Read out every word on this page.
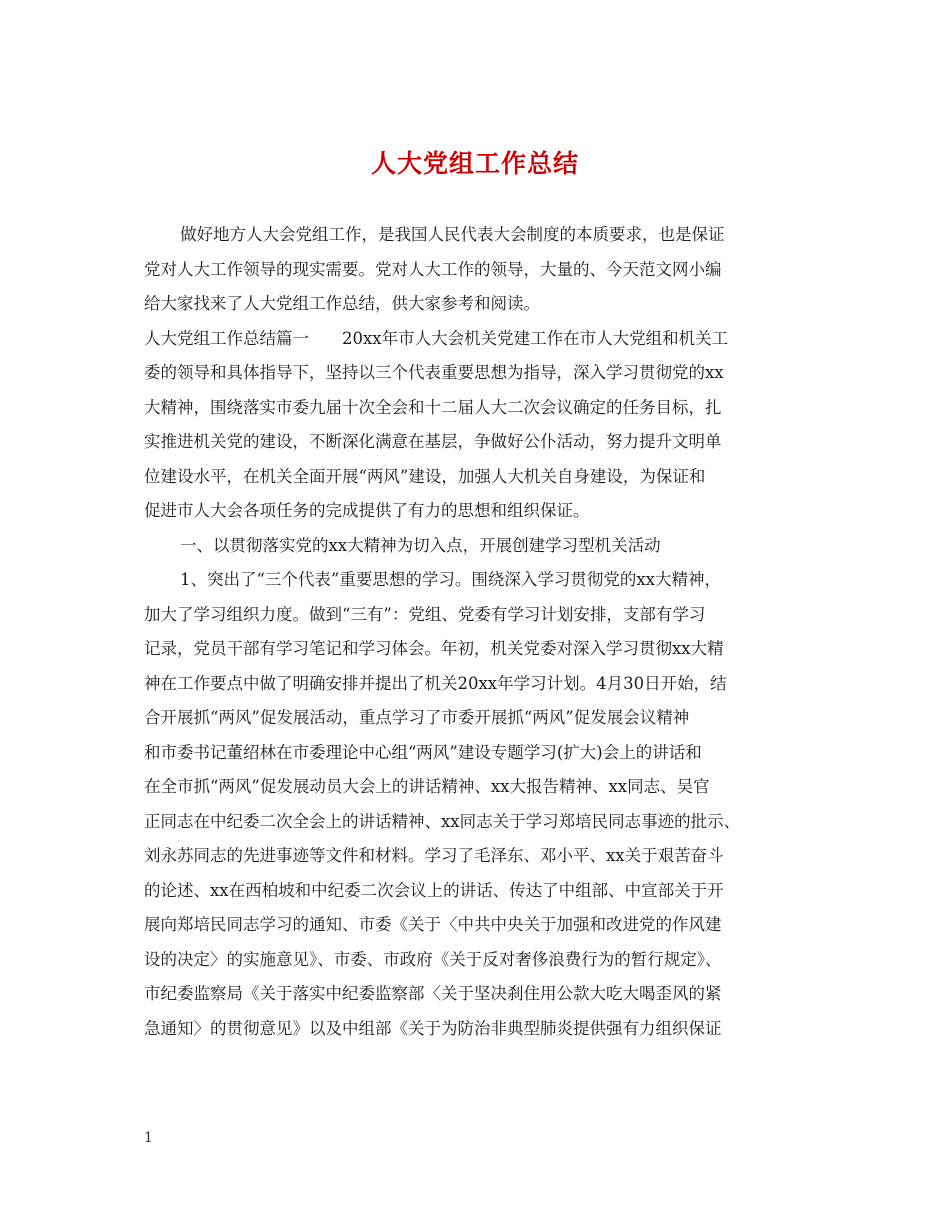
人大党组工作总结
做好地方人大会党组工作，是我国人民代表大会制度的本质要求，也是保证
党对人大工作领导的现实需要。党对人大工作的领导，大量的、今天范文网小编
给大家找来了人大党组工作总结，供大家参考和阅读。
人大党组工作总结篇一　　20xx年市人大会机关党建工作在市人大党组和机关工
委的领导和具体指导下，坚持以三个代表重要思想为指导，深入学习贯彻党的xx
大精神，围绕落实市委九届十次全会和十二届人大二次会议确定的任务目标，扎
实推进机关党的建设，不断深化满意在基层，争做好公仆活动，努力提升文明单
位建设水平，在机关全面开展“两风”建设，加强人大机关自身建设，为保证和
促进市人大会各项任务的完成提供了有力的思想和组织保证。
一、以贯彻落实党的xx大精神为切入点，开展创建学习型机关活动
1、突出了“三个代表”重要思想的学习。围绕深入学习贯彻党的xx大精神，
加大了学习组织力度。做到“三有”：党组、党委有学习计划安排，支部有学习
记录，党员干部有学习笔记和学习体会。年初，机关党委对深入学习贯彻xx大精
神在工作要点中做了明确安排并提出了机关20xx年学习计划。4月30日开始，结
合开展抓“两风”促发展活动，重点学习了市委开展抓“两风”促发展会议精神
和市委书记董绍林在市委理论中心组“两风”建设专题学习(扩大)会上的讲话和
在全市抓“两风”促发展动员大会上的讲话精神、xx大报告精神、xx同志、吴官
正同志在中纪委二次全会上的讲话精神、xx同志关于学习郑培民同志事迹的批示、
刘永苏同志的先进事迹等文件和材料。学习了毛泽东、邓小平、xx关于艰苦奋斗
的论述、xx在西柏坡和中纪委二次会议上的讲话、传达了中组部、中宣部关于开
展向郑培民同志学习的通知、市委《关于〈中共中央关于加强和改进党的作风建
设的决定〉的实施意见》、市委、市政府《关于反对奢侈浪费行为的暂行规定》、
市纪委监察局《关于落实中纪委监察部〈关于坚决刹住用公款大吃大喝歪风的紧
急通知〉的贯彻意见》以及中组部《关于为防治非典型肺炎提供强有力组织保证
1
